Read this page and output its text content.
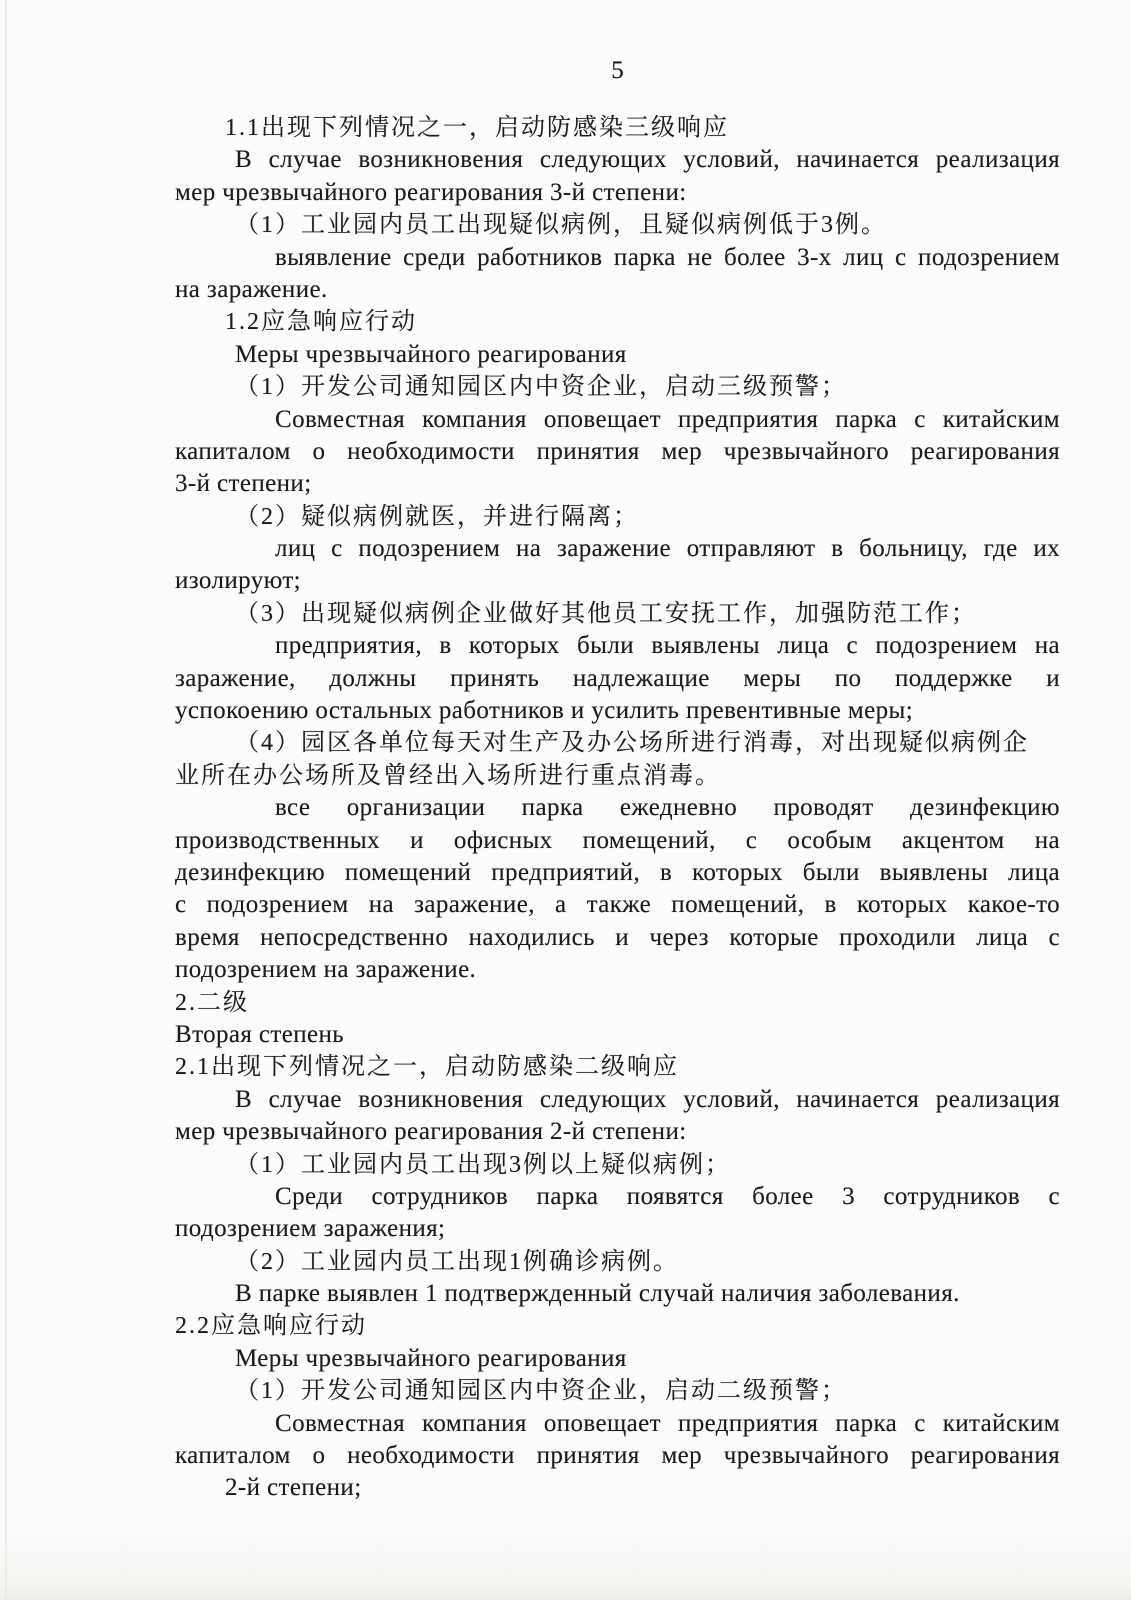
5
1.1出现下列情况之一，启动防感染三级响应
В случае возникновения следующих условий, начинается реализация
мер чрезвычайного реагирования 3-й степени:
（1）工业园内员工出现疑似病例，且疑似病例低于3例。
выявление среди работников парка не более 3-х лиц с подозрением
на заражение.
1.2应急响应行动
Меры чрезвычайного реагирования
（1）开发公司通知园区内中资企业，启动三级预警；
Совместная компания оповещает предприятия парка с китайским
капиталом о необходимости принятия мер чрезвычайного реагирования
3-й степени;
（2）疑似病例就医，并进行隔离；
лиц с подозрением на заражение отправляют в больницу, где их
изолируют;
（3）出现疑似病例企业做好其他员工安抚工作，加强防范工作；
предприятия, в которых были выявлены лица с подозрением на
заражение, должны принять надлежащие меры по поддержке и
успокоению остальных работников и усилить превентивные меры;
（4）园区各单位每天对生产及办公场所进行消毒，对出现疑似病例企
业所在办公场所及曾经出入场所进行重点消毒。
все организации парка ежедневно проводят дезинфекцию
производственных и офисных помещений, с особым акцентом на
дезинфекцию помещений предприятий, в которых были выявлены лица
с подозрением на заражение, а также помещений, в которых какое-то
время непосредственно находились и через которые проходили лица с
подозрением на заражение.
2.二级
Вторая степень
2.1出现下列情况之一，启动防感染二级响应
В случае возникновения следующих условий, начинается реализация
мер чрезвычайного реагирования 2-й степени:
（1）工业园内员工出现3例以上疑似病例；
Среди сотрудников парка появятся более 3 сотрудников с
подозрением заражения;
（2）工业园内员工出现1例确诊病例。
В парке выявлен 1 подтвержденный случай наличия заболевания.
2.2应急响应行动
Меры чрезвычайного реагирования
（1）开发公司通知园区内中资企业，启动二级预警；
Совместная компания оповещает предприятия парка с китайским
капиталом о необходимости принятия мер чрезвычайного реагирования
2-й степени;
